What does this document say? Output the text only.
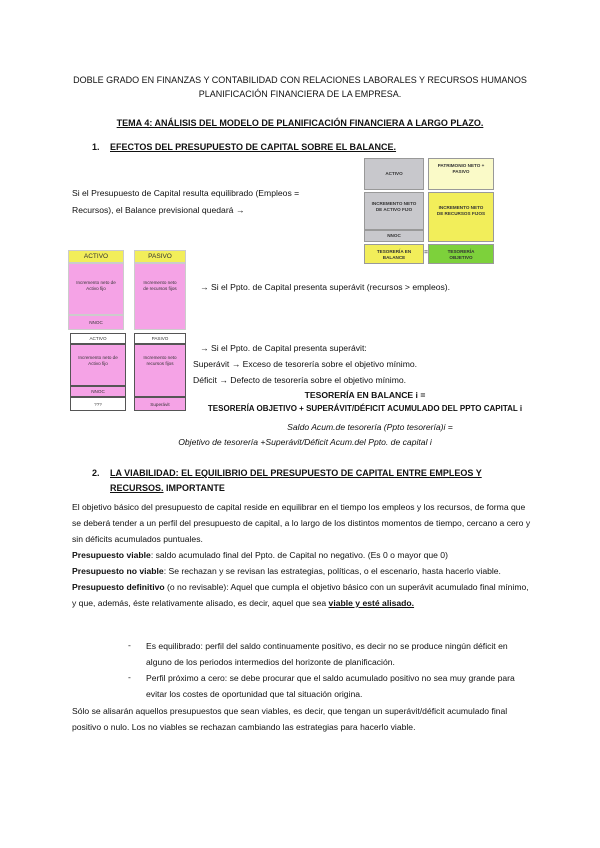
DOBLE GRADO EN FINANZAS Y CONTABILIDAD CON RELACIONES LABORALES Y RECURSOS HUMANOS
PLANIFICACIÓN FINANCIERA DE LA EMPRESA.
TEMA 4: ANÁLISIS DEL MODELO DE PLANIFICACIÓN FINANCIERA A LARGO PLAZO.
1. EFECTOS DEL PRESUPUESTO DE CAPITAL SOBRE EL BALANCE.
Si el Presupuesto de Capital resulta equilibrado (Empleos =
Recursos), el Balance previsional quedará →
ACTIVO
PATRIMONIO NETO + PASIVO
INCREMENTO NETO DE ACTIVO FIJO
NNOC
INCREMENTO NETO DE RECURSOS FIJOS
TESORERÍA EN BALANCE
=	TESORERÍA OBJETIVO
ACTIVO	PASIVO
Incremento neto de Activo fijo
NNOC
Incremento neto de recursos fijos	→ Si el Ppto. de Capital presenta superávit (recursos > empleos).
ACTIVO	PASIVO
Incremento neto de Activo fijo
NNOC
???
Incremento neto recursos fijos
Superávit
→ Si el Ppto. de Capital presenta superávit:
Superávit → Exceso de tesorería sobre el objetivo mínimo.
Déficit → Defecto de tesorería sobre el objetivo mínimo.
TESORERÍA EN BALANCE i =
TESORERÍA OBJETIVO + SUPERÁVIT/DÉFICIT ACUMULADO DEL PPTO CAPITAL i
Saldo Acum.de tesorería (Ppto tesorería)i =
Objetivo de tesorería +Superávit/Déficit Acum.del Ppto. de capital i
2. LA VIABILIDAD: EL EQUILIBRIO DEL PRESUPUESTO DE CAPITAL ENTRE EMPLEOS Y
RECURSOS. IMPORTANTE

El objetivo básico del presupuesto de capital reside en equilibrar en el tiempo los empleos y los recursos, de forma que se deberá tender a un perfil del presupuesto de capital, a lo largo de los distintos momentos de tiempo, cercano a cero y sin déficits acumulados puntuales.

Presupuesto viable: saldo acumulado final del Ppto. de Capital no negativo. (Es 0 o mayor que 0)

Presupuesto no viable: Se rechazan y se revisan las estrategias, políticas, o el escenario, hasta hacerlo viable.

Presupuesto definitivo (o no revisable): Aquel que cumpla el objetivo básico con un superávit acumulado final mínimo, y que, además, éste relativamente alisado, es decir, aquel que sea viable y esté alisado.

- Es equilibrado: perfil del saldo continuamente positivo, es decir no se produce ningún déficit en alguno de los periodos intermedios del horizonte de planificación.
- Perfil próximo a cero: se debe procurar que el saldo acumulado positivo no sea muy grande para evitar los costes de oportunidad que tal situación origina.
Sólo se alisarán aquellos presupuestos que sean viables, es decir, que tengan un superávit/déficit acumulado final positivo o nulo. Los no viables se rechazan cambiando las estrategias para hacerlo viable.
